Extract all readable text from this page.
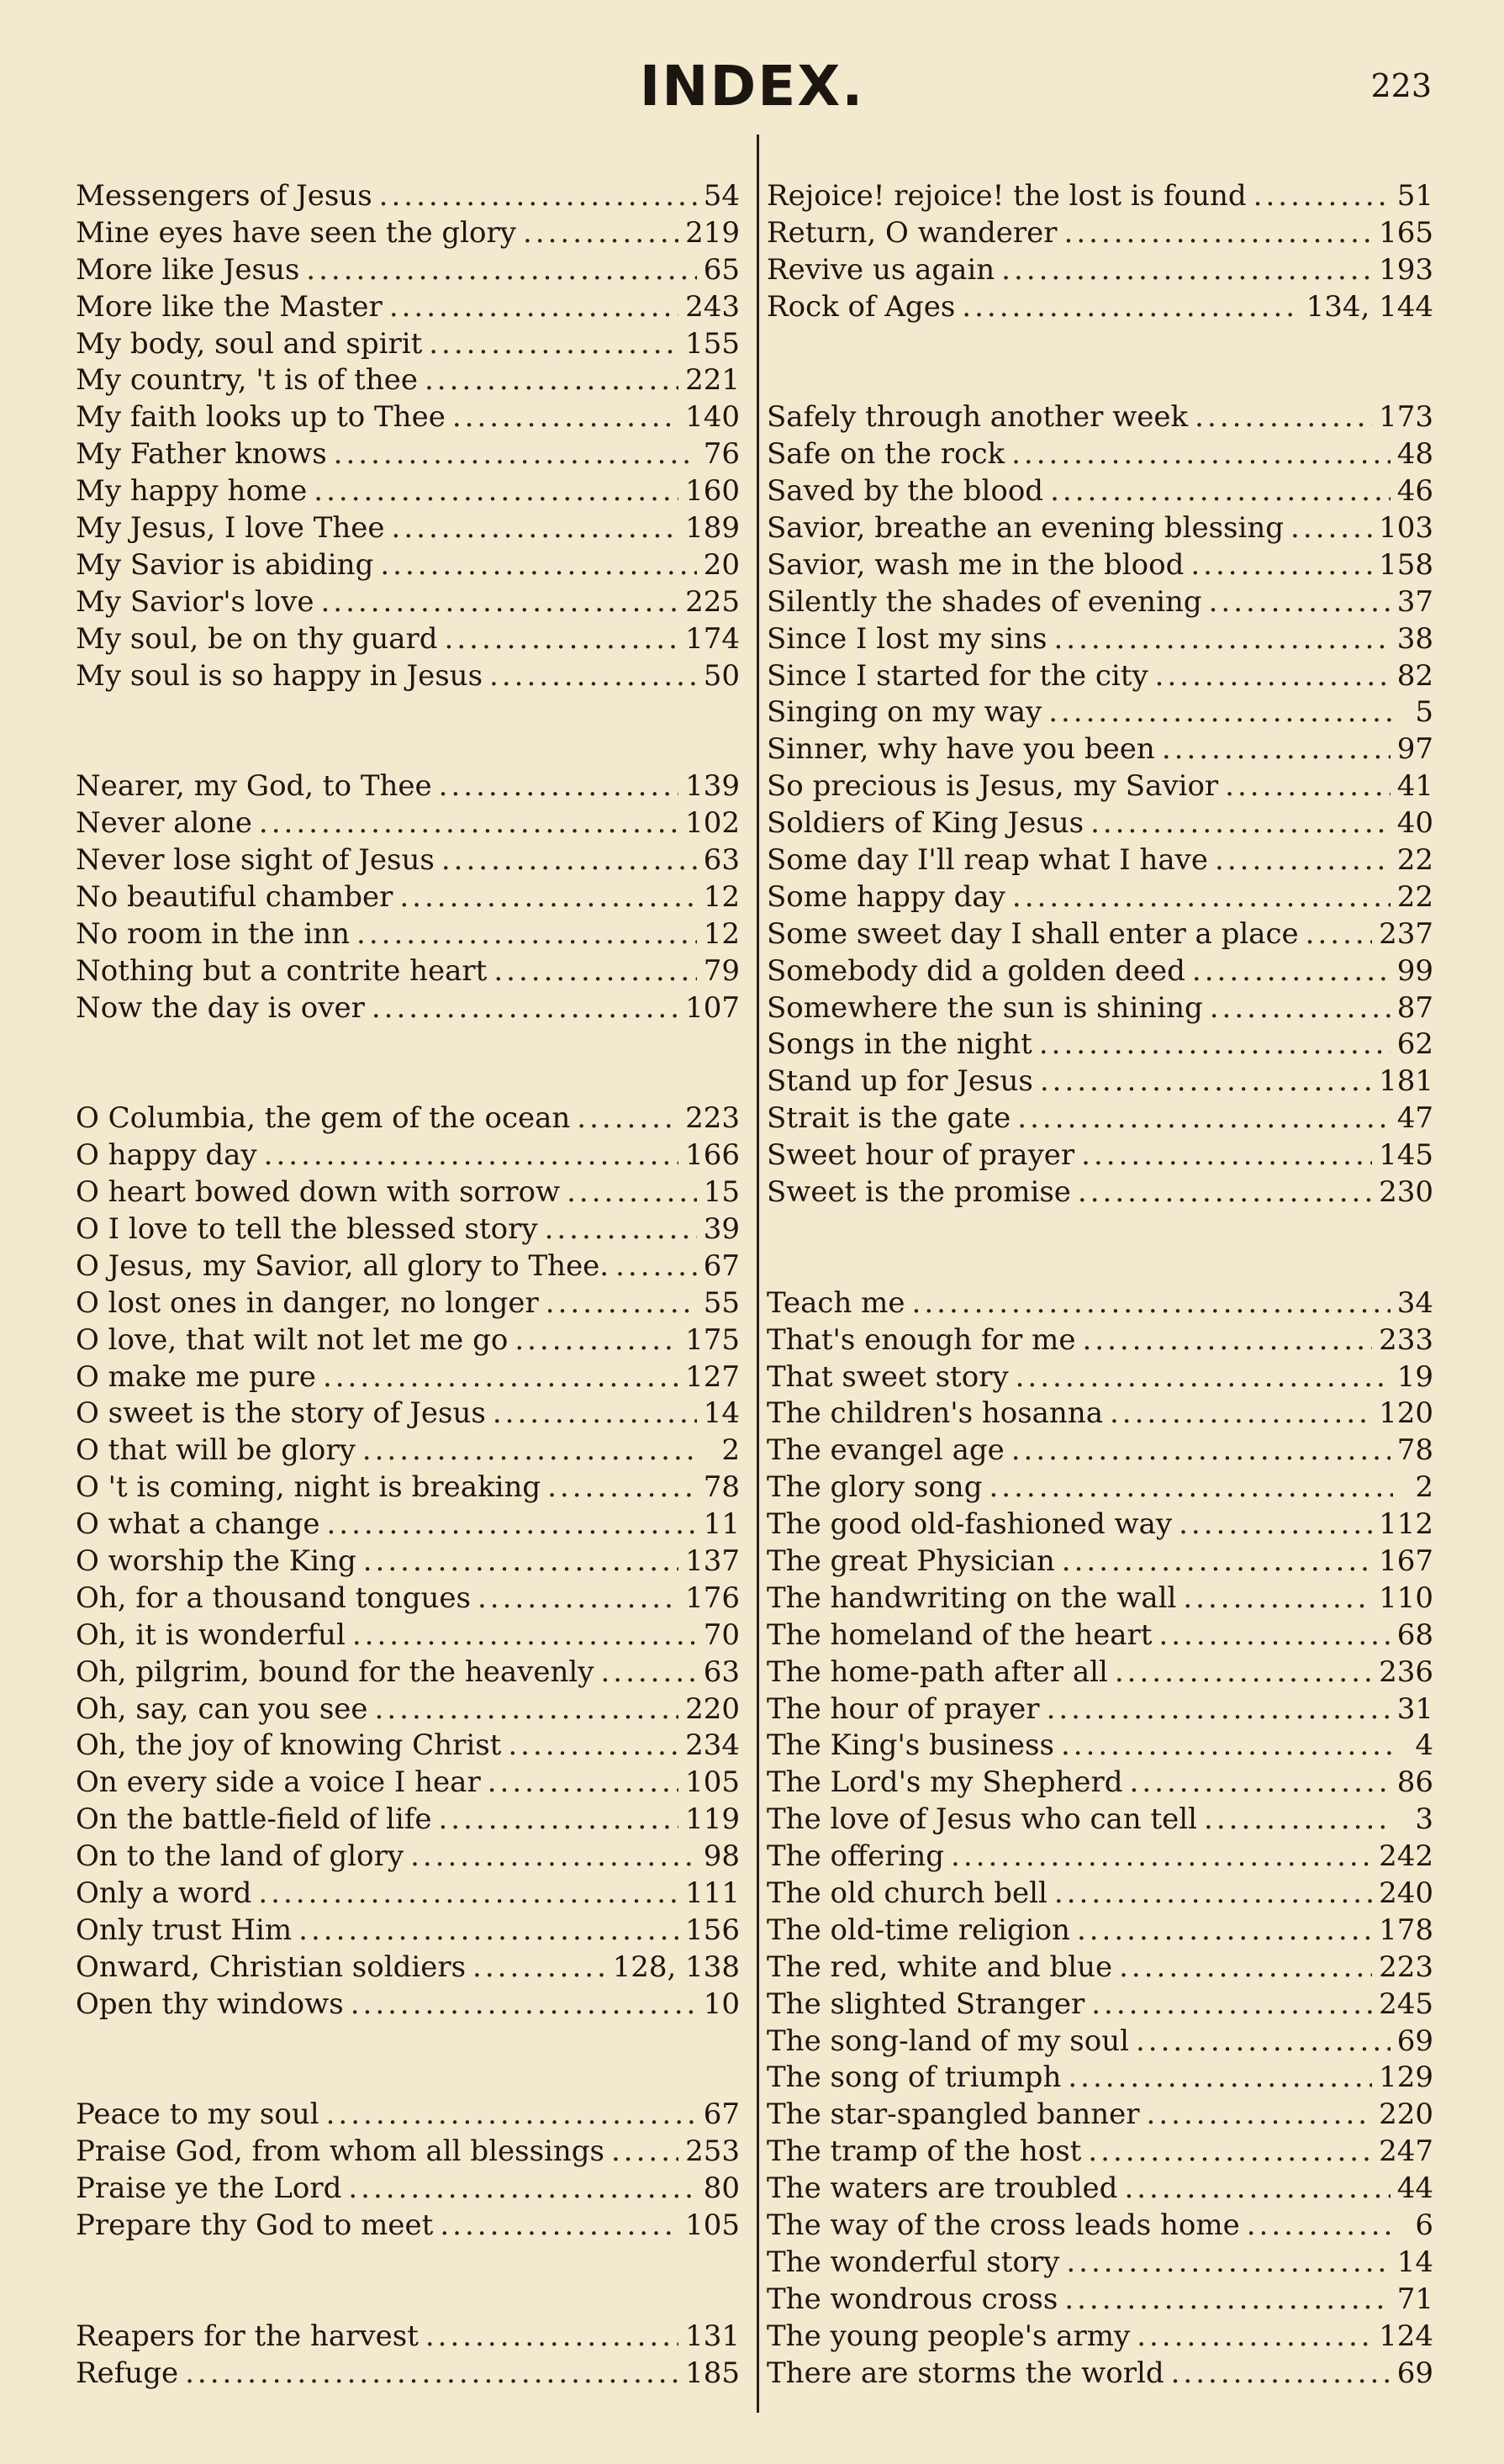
INDEX.	223
Messengers of Jesus .....	54
Mine eyes have seen the glory .....	219
More like Jesus .....	65
More like the Master .....	243
My body, soul and spirit .....	155
My country, 't is of thee .....	221
My faith looks up to Thee .....	140
My Father knows .....	76
My happy home .....	160
My Jesus, I love Thee .....	189
My Savior is abiding .....	20
My Savior's love .....	225
My soul, be on thy guard .....	174
My soul is so happy in Jesus .....	50
Nearer, my God, to Thee .....	139
Never alone .....	102
Never lose sight of Jesus .....	63
No beautiful chamber .....	12
No room in the inn .....	12
Nothing but a contrite heart .....	79
Now the day is over .....	107
O Columbia, the gem of the ocean .....	223
O happy day .....	166
O heart bowed down with sorrow .....	15
O I love to tell the blessed story .....	39
O Jesus, my Savior, all glory to Thee. .....	67
O lost ones in danger, no longer .....	55
O love, that wilt not let me go .....	175
O make me pure .....	127
O sweet is the story of Jesus .....	14
O that will be glory .....	2
O 't is coming, night is breaking .....	78
O what a change .....	11
O worship the King .....	137
Oh, for a thousand tongues .....	176
Oh, it is wonderful .....	70
Oh, pilgrim, bound for the heavenly .....	63
Oh, say, can you see .....	220
Oh, the joy of knowing Christ .....	234
On every side a voice I hear .....	105
On the battle-field of life .....	119
On to the land of glory .....	98
Only a word .....	111
Only trust Him .....	156
Onward, Christian soldiers .....	128, 138
Open thy windows .....	10
Peace to my soul .....	67
Praise God, from whom all blessings .....	253
Praise ye the Lord .....	80
Prepare thy God to meet .....	105
Reapers for the harvest .....	131
Refuge .....	185
Rejoice! rejoice! the lost is found .....	51
Return, O wanderer .....	165
Revive us again .....	193
Rock of Ages .....	134, 144
Safely through another week .....	173
Safe on the rock .....	48
Saved by the blood .....	46
Savior, breathe an evening blessing .....	103
Savior, wash me in the blood .....	158
Silently the shades of evening .....	37
Since I lost my sins .....	38
Since I started for the city .....	82
Singing on my way .....	5
Sinner, why have you been .....	97
So precious is Jesus, my Savior .....	41
Soldiers of King Jesus .....	40
Some day I'll reap what I have .....	22
Some happy day .....	22
Some sweet day I shall enter a place .....	237
Somebody did a golden deed .....	99
Somewhere the sun is shining .....	87
Songs in the night .....	62
Stand up for Jesus .....	181
Strait is the gate .....	47
Sweet hour of prayer .....	145
Sweet is the promise .....	230
Teach me .....	34
That's enough for me .....	233
That sweet story .....	19
The children's hosanna .....	120
The evangel age .....	78
The glory song .....	2
The good old-fashioned way .....	112
The great Physician .....	167
The handwriting on the wall .....	110
The homeland of the heart .....	68
The home-path after all .....	236
The hour of prayer .....	31
The King's business .....	4
The Lord's my Shepherd .....	86
The love of Jesus who can tell .....	3
The offering .....	242
The old church bell .....	240
The old-time religion .....	178
The red, white and blue .....	223
The slighted Stranger .....	245
The song-land of my soul .....	69
The song of triumph .....	129
The star-spangled banner .....	220
The tramp of the host .....	247
The waters are troubled .....	44
The way of the cross leads home .....	6
The wonderful story .....	14
The wondrous cross .....	71
The young people's army .....	124
There are storms the world .....	69
